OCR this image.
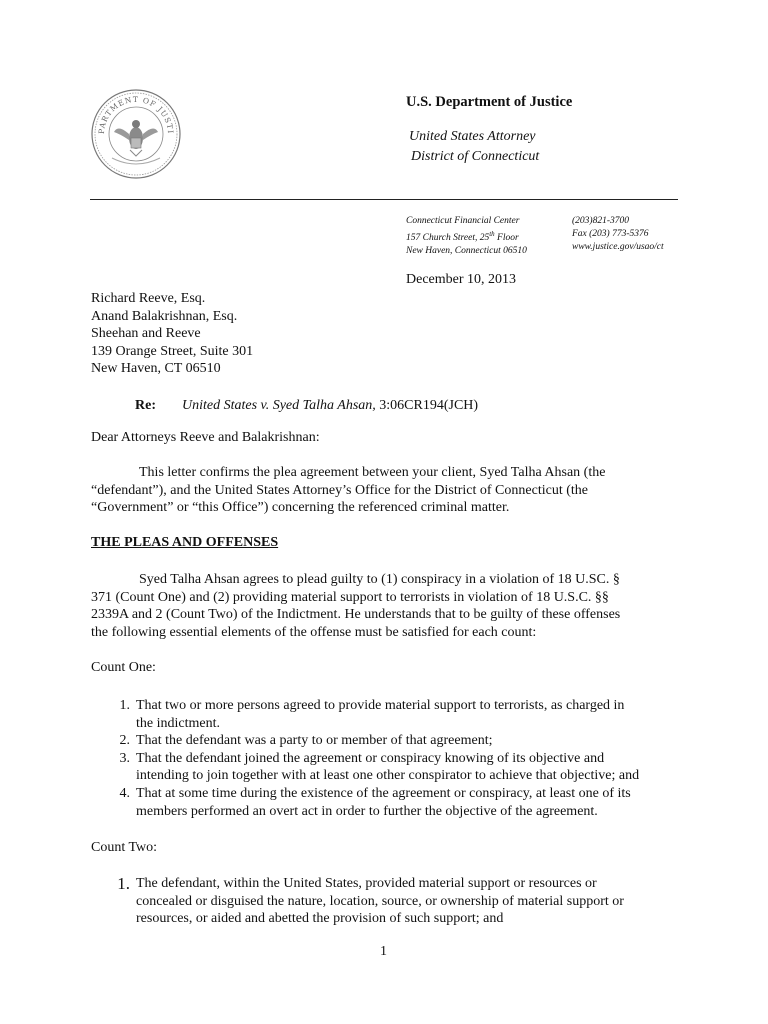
PARTMENT OF JUSTI
U.S. Department of Justice
United States Attorney
District of Connecticut
Connecticut Financial Center
157 Church Street, 25th Floor
New Haven, Connecticut 06510
(203)821-3700
Fax (203) 773-5376
www.justice.gov/usao/ct
December 10, 2013
Richard Reeve, Esq.
Anand Balakrishnan, Esq.
Sheehan and Reeve
139 Orange Street, Suite 301
New Haven, CT 06510
Re: United States v. Syed Talha Ahsan, 3:06CR194(JCH)
Dear Attorneys Reeve and Balakrishnan:
This letter confirms the plea agreement between your client, Syed Talha Ahsan (the
“defendant”), and the United States Attorney’s Office for the District of Connecticut (the
“Government” or “this Office”) concerning the referenced criminal matter.
THE PLEAS AND OFFENSES
Syed Talha Ahsan agrees to plead guilty to (1) conspiracy in a violation of 18 U.SC. §
371 (Count One) and (2) providing material support to terrorists in violation of 18 U.S.C. §§
2339A and 2 (Count Two) of the Indictment. He understands that to be guilty of these offenses
the following essential elements of the offense must be satisfied for each count:
Count One:
1. That two or more persons agreed to provide material support to terrorists, as charged in
the indictment.
2. That the defendant was a party to or member of that agreement;
3. That the defendant joined the agreement or conspiracy knowing of its objective and
intending to join together with at least one other conspirator to achieve that objective; and
4. That at some time during the existence of the agreement or conspiracy, at least one of its
members performed an overt act in order to further the objective of the agreement.
Count Two:
1. The defendant, within the United States, provided material support or resources or
concealed or disguised the nature, location, source, or ownership of material support or
resources, or aided and abetted the provision of such support; and
1
